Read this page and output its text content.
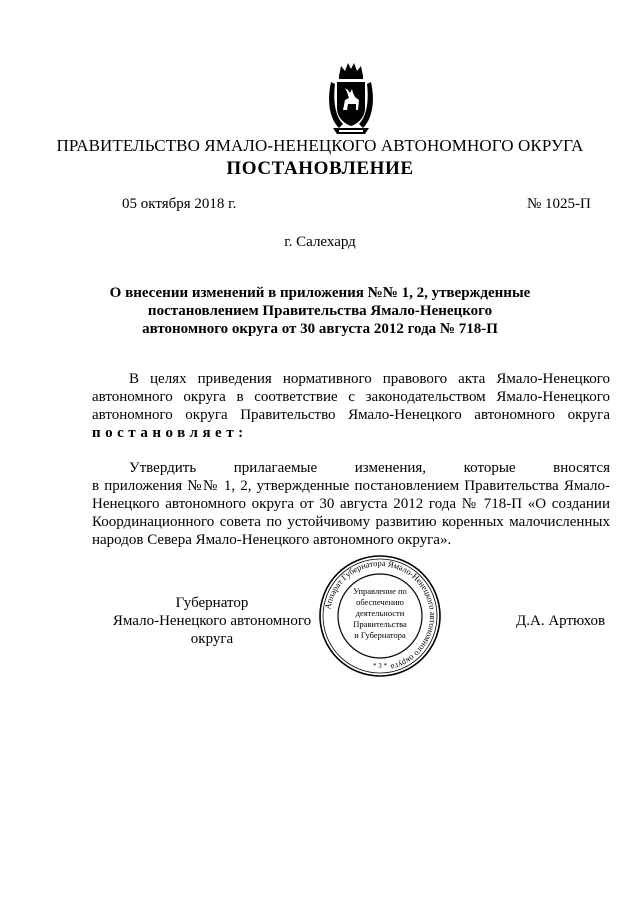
ПРАВИТЕЛЬСТВО ЯМАЛО-НЕНЕЦКОГО АВТОНОМНОГО ОКРУГА
ПОСТАНОВЛЕНИЕ
05 октября 2018 г.	№ 1025-П
г. Салехард
О внесении изменений в приложения №№ 1, 2, утвержденные
постановлением Правительства Ямало-Ненецкого
автономного округа от 30 августа 2012 года № 718-П
В целях приведения нормативного правового акта Ямало-Ненецкого
автономного округа в соответствие с законодательством Ямало-Ненецкого
автономного округа Правительство Ямало-Ненецкого автономного округа
постановляет:
Утвердить прилагаемые изменения, которые вносятся
в приложения №№ 1, 2, утвержденные постановлением Правительства Ямало-
Ненецкого автономного округа от 30 августа 2012 года № 718-П «О создании
Координационного совета по устойчивому развитию коренных малочисленных
народов Севера Ямало-Ненецкого автономного округа».
Губернатор
Ямало-Ненецкого автономного округа
Д.А. Артюхов
Аппарат Губернатора Ямало-Ненецкого автономного округа
* 3 *
Управление по
обеспечению
деятельности
Правительства
и Губернатора
